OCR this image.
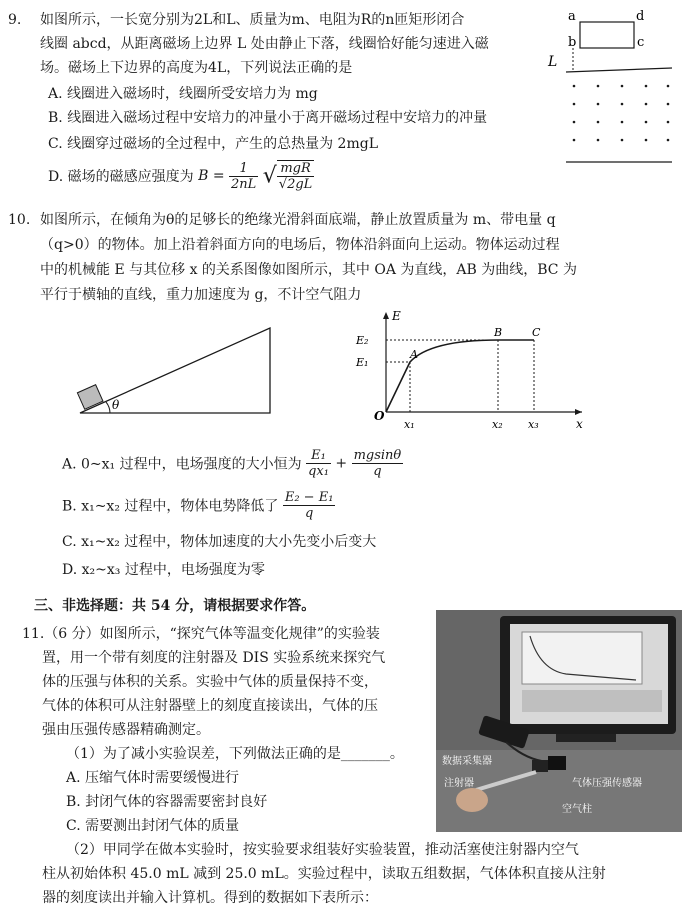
9. 如图所示，一长宽分别为2L和L、质量为m、电阻为R的n匝矩形闭合
线圈 abcd，从距离磁场上边界 L 处由静止下落，线圈恰好能匀速进入磁
场。磁场上下边界的高度为4L，下列说法正确的是
A. 线圈进入磁场时，线圈所受安培力为 mg
B. 线圈进入磁场过程中安培力的冲量小于离开磁场过程中安培力的冲量
C. 线圈穿过磁场的全过程中，产生的总热量为 2mgL
D. 磁场的磁感应强度为 $B = \frac{1}{2nL}$ √ $\frac{\text{mgR}}{√2gL}$
a	d
b	c
L
10. 如图所示，在倾角为θ的足够长的绝缘光滑斜面底端，静止放置质量为 m、带电量 q
（q>0）的物体。加上沿着斜面方向的电场后，物体沿斜面向上运动。物体运动过程
中的机械能 E 与其位移 x 的关系图像如图所示，其中 OA 为直线，AB 为曲线，BC 为
平行于横轴的直线，重力加速度为 g，不计空气阻力
θ
E
E₂
E₁
A
B	C
O
x
x₁	x₂ x₃
A. 0~x₁ 过程中，电场强度的大小恒为 $\frac{\text{E₁}}{\text{qx₁}} + \frac{mgsin\theta}{q}$
B. x₁~x₂ 过程中，物体电势降低了 $\frac{\text{E₂ − E₁}}{q}$
C. x₁~x₂ 过程中，物体加速度的大小先变小后变大
D. x₂~x₃ 过程中，电场强度为零
三、非选择题：共 54 分，请根据要求作答。
11.（6 分）如图所示，“探究气体等温变化规律”的实验装
置，用一个带有刻度的注射器及 DIS 实验系统来探究气
体的压强与体积的关系。实验中气体的质量保持不变，
气体的体积可从注射器壁上的刻度直接读出，气体的压
强由压强传感器精确测定。
（1）为了减小实验误差，下列做法正确的是_______。
A. 压缩气体时需要缓慢进行
B. 封闭气体的容器需要密封良好
C. 需要测出封闭气体的质量
（2）甲同学在做本实验时，按实验要求组装好实验装置，推动活塞使注射器内空气
柱从初始体积 45.0 mL 减到 25.0 mL。实验过程中，读取五组数据，气体体积直接从注射
器的刻度读出并输入计算机。得到的数据如下表所示：
数据采集器
注射器	气体压强传感器
空气柱
